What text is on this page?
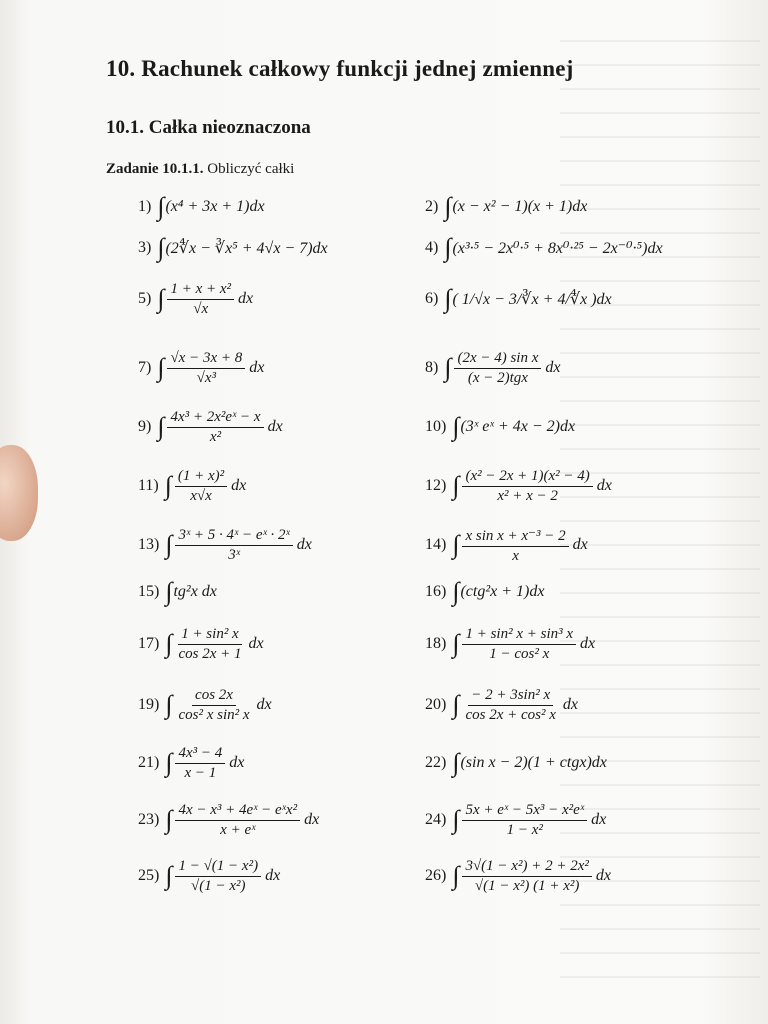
10. Rachunek całkowy funkcji jednej zmiennej
10.1. Całka nieoznaczona
Zadanie 10.1.1. Obliczyć całki
1) ∫ (x⁴ + 3x + 1)dx	2) ∫ (x − x² − 1)(x + 1)dx
3) ∫ (2∜x − ∛x⁵ + 4√x − 7)dx	4) ∫ (x³·⁵ − 2x⁰·⁵ + 8x⁰·²⁵ − 2x⁻⁰·⁵)dx
5) ∫ $\frac{\text{1 + x + x²}}{√x}$ dx	6) ∫ ( 1/√x − 3/∛x + 4/∜x )dx
7) ∫ $\frac{√x - 3x + 8}{\text{√x³}}$ dx	8) ∫ $\frac{\text{(2x − 4) sin x}}{\text{(x − 2)tgx}}$ dx
9) ∫ $\frac{\text{4x³ + 2x²eˣ − x}}{\text{x²}}$ dx	10) ∫ (3ˣ eˣ + 4x − 2)dx
11) ∫ $\frac{\text{(1 + x)²}}{x√x}$ dx	12) ∫ $\frac{\text{(x² − 2x + 1)(x² − 4)}}{\text{x² + x − 2}}$ dx
13) ∫ $\frac{\text{3ˣ + 5 · 4ˣ − eˣ · 2ˣ}}{\text{3ˣ}}$ dx	14) ∫ $\frac{\text{x sin x + x⁻³ − 2}}{x}$ dx
15) ∫ tg²x dx	16) ∫ (ctg²x + 1)dx
17) ∫ $\frac{\text{1 + sin² x}}{\cos 2x + 1}$ dx	18) ∫ $\frac{\text{1 + sin² x + sin³ x}}{\text{1 − cos² x}}$ dx
19) ∫ $\frac{\cos 2x}{\text{cos² x sin² x}}$ dx	20) ∫ $\frac{\text{− 2 + 3sin² x}}{\text{cos 2x + cos² x}}$ dx
21) ∫ $\frac{\text{4x³ − 4}}{x - 1}$ dx	22) ∫ (sin x − 2)(1 + ctgx)dx
23) ∫ $\frac{\text{4x − x³ + 4eˣ − eˣx²}}{\text{x + eˣ}}$ dx	24) ∫ $\frac{\text{5x + eˣ − 5x³ − x²eˣ}}{\text{1 − x²}}$ dx
25) ∫ $\frac{\text{1 − √(1 − x²)}}{\text{√(1 − x²)}}$ dx	26) ∫ $\frac{\text{3√(1 − x²) + 2 + 2x²}}{\text{√(1 − x²) (1 + x²)}}$ dx
